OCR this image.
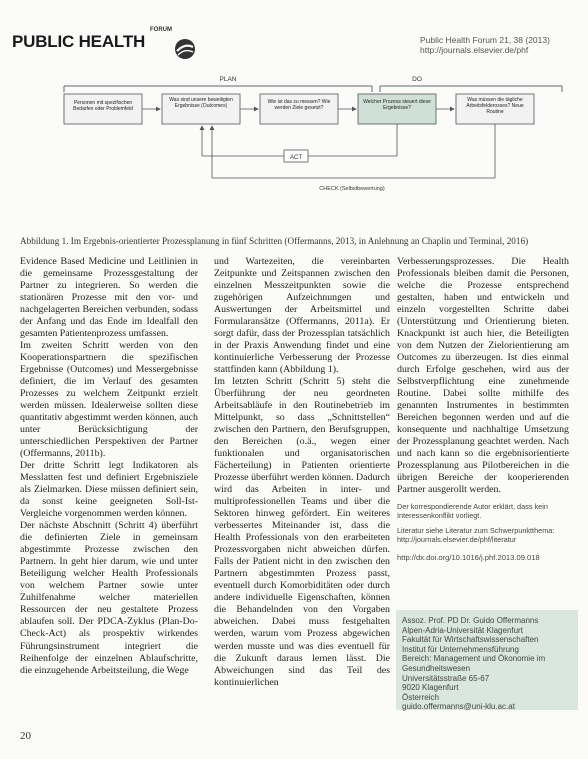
PUBLIC HEALTH
FORUM
Public Health Forum 21, 38 (2013)
http://journals.elsevier.de/phf
PLAN	DO
Personen mit spezifischen Bedarfen oder Problemfeld
Was sind unsere beweiligten Ergebnisse (Outcomes)
Wie ist das zu messen? Wie werden Ziele gesetzt?
Welcher Prozess steuert diese Ergebnisse?
Was müssen die tägliche Arbeitsfelderosses? Neue Routine
ACT
CHECK (Selbstbewertung)
Abbildung 1. Im Ergebnis-orientierter Prozessplanung in fünf Schritten (Offermanns, 2013, in Anlehnung an Chaplin und Terminal, 2016)

Evidence Based Medicine und Leitlinien in die gemeinsame Prozessgestaltung der Partner zu integrieren. So werden die stationären Prozesse mit den vor- und nachgelagerten Bereichen verbunden, sodass der Anfang und das Ende im Idealfall den gesamten Patientenprozess umfassen.

Im zweiten Schritt werden von den Kooperationspartnern die spezifischen Ergebnisse (Outcomes) und Messergebnisse definiert, die im Verlauf des gesamten Prozesses zu welchem Zeitpunkt erzielt werden müssen. Idealerweise sollten diese quantitativ abgestimmt werden können, auch unter Berücksichtigung der unterschiedlichen Perspektiven der Partner (Offermanns, 2011b).

Der dritte Schritt legt Indikatoren als Messlatten fest und definiert Ergebnisziele als Zielmarken. Diese müssen definiert sein, da sonst keine geeigneten Soll-Ist-Vergleiche vorgenommen werden können.

Der nächste Abschnitt (Schritt 4) überführt die definierten Ziele in gemeinsam abgestimmte Prozesse zwischen den Partnern. In geht hier darum, wie und unter Beteiligung welcher Health Professionals von welchem Partner sowie unter Zuhilfenahme welcher materiellen Ressourcen der neu gestaltete Prozess ablaufen soll. Der PDCA-Zyklus (Plan-Do-Check-Act) als prospektiv wirkendes Führungsinstrument integriert die Reihenfolge der einzelnen Ablaufschritte, die einzugehende Arbeitsteilung, die Wege

und Wartezeiten, die vereinbarten Zeitpunkte und Zeitspannen zwischen den einzelnen Messzeitpunkten sowie die zugehörigen Aufzeichnungen und Auswertungen der Arbeitsmittel und Formularansätze (Offermanns, 2011a). Er sorgt dafür, dass der Prozessplan tatsächlich in der Praxis Anwendung findet und eine kontinuierliche Verbesserung der Prozesse stattfinden kann (Abbildung 1).

Im letzten Schritt (Schritt 5) steht die Überführung der neu geordneten Arbeitsabläufe in den Routinebetrieb im Mittelpunkt, so dass „Schnittstellen“ zwischen den Partnern, den Berufsgruppen, den Bereichen (o.ä., wegen einer funktionalen und organisatorischen Fächerteilung) in Patienten orientierte Prozesse überführt werden können. Dadurch wird das Arbeiten in inter- und multiprofessionellen Teams und über die Sektoren hinweg gefördert. Ein weiteres verbessertes Miteinander ist, dass die Health Professionals von den erarbeiteten Prozessvorgaben nicht abweichen dürfen. Falls der Patient nicht in den zwischen den Partnern abgestimmten Prozess passt, eventuell durch Komorbiditäten oder durch andere individuelle Eigenschaften, können die Behandelnden von den Vorgaben abweichen. Dabei muss festgehalten werden, warum vom Prozess abgewichen werden musste und was dies eventuell für die Zukunft daraus lernen lässt. Die Abweichungen sind das Teil des kontinuierlichen

Verbesserungsprozesses. Die Health Professionals bleiben damit die Personen, welche die Prozesse entsprechend gestalten, haben und entwickeln und einzeln vorgestellten Schritte dabei (Unterstützung und Orientierung bieten. Knackpunkt ist auch hier, die Beteiligten von dem Nutzen der Zielorientierung am Outcomes zu überzeugen. Ist dies einmal durch Erfolge geschehen, wird aus der Selbstverpflichtung eine zunehmende Routine. Dabei sollte mithilfe des genannten Instrumentes in bestimmten Bereichen begonnen werden und auf die konsequente und nachhaltige Umsetzung der Prozessplanung geachtet werden. Nach und nach kann so die ergebnisorientierte Prozessplanung aus Pilotbereichen in die übrigen Bereiche der kooperierenden Partner ausgerollt werden.

Der korrespondierende Autor erklärt, dass kein Interessenkonflikt vorliegt.

Literatur siehe Literatur zum Schwerpunktthema: http://journals.elsevier.de/phf/literatur

http://dx.doi.org/10.1016/j.phf.2013.09.018

Assoz. Prof. PD Dr. Guido Offermanns
Alpen-Adria-Universität Klagenfurt
Fakultät für Wirtschaftswissenschaften
Institut für Unternehmensführung
Bereich: Management und Ökonomie im
Gesundheitswesen
Universitätsstraße 65-67
9020 Klagenfurt
Österreich
guido.offermanns@uni-klu.ac.at
20
